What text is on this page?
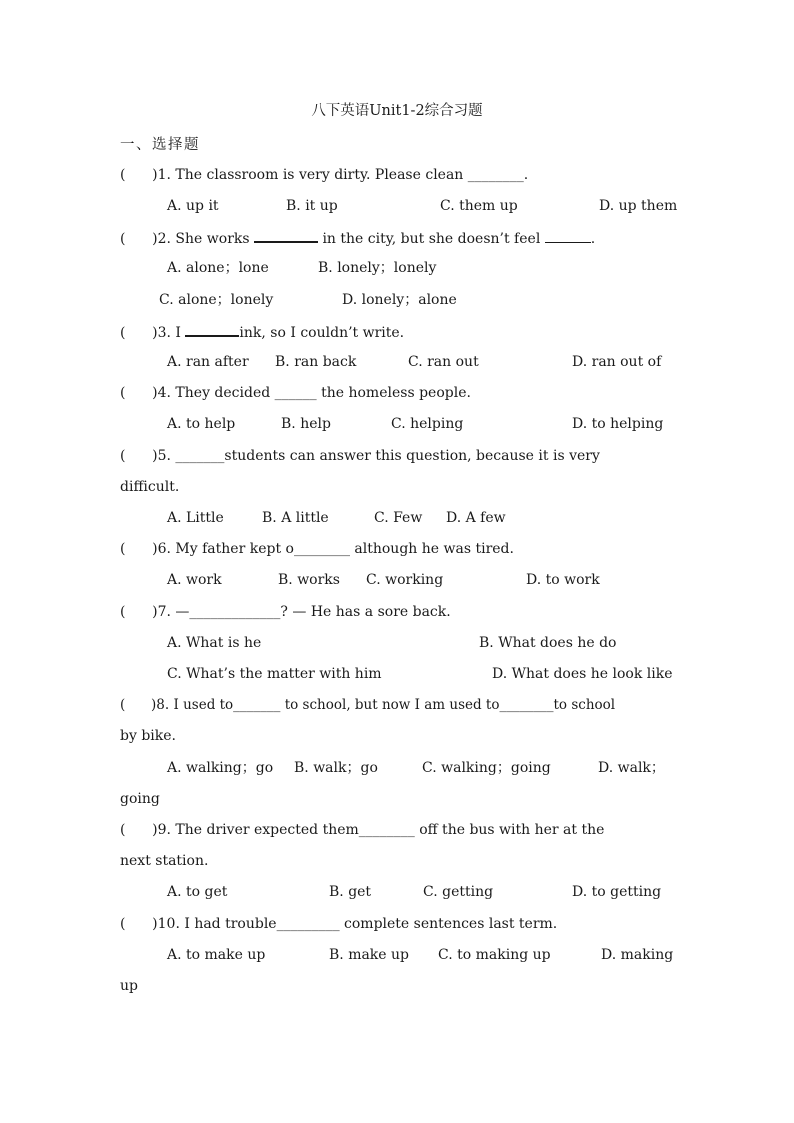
八下英语Unit1-2综合习题
一、选择题
(      )1. The classroom is very dirty. Please clean ________.
A. up it	B. it up	C. them up	D. up them
(      )2. She works	in the city, but she doesn’t feel	.
A. alone；lone	B. lonely；lonely
C. alone；lonely	D. lonely；alone
(      )3. I	ink, so I couldn’t write.
A. ran after B. ran back	C. ran out	D. ran out of
(      )4. They decided ______ the homeless people.
A. to help	B. help	C. helping	D. to helping
(      )5. _______students can answer this question, because it is very
difficult.
A. Little	B. A little	C. Few D. A few
(      )6. My father kept o________ although he was tired.
A. work	B. works C. working	D. to work
(      )7. —_____________? — He has a sore back.
A. What is he	B. What does he do
C. What’s the matter with him	D. What does he look like
(      )8. I used to_______ to school, but now I am used to________to school
by bike.
A. walking；go B. walk；go	C. walking；going	D. walk；
going
(      )9. The driver expected them________ off the bus with her at the
next station.
A. to get	B. get	C. getting	D. to getting
(      )10. I had trouble_________ complete sentences last term.
A. to make up	B. make up C. to making up	D. making
up
